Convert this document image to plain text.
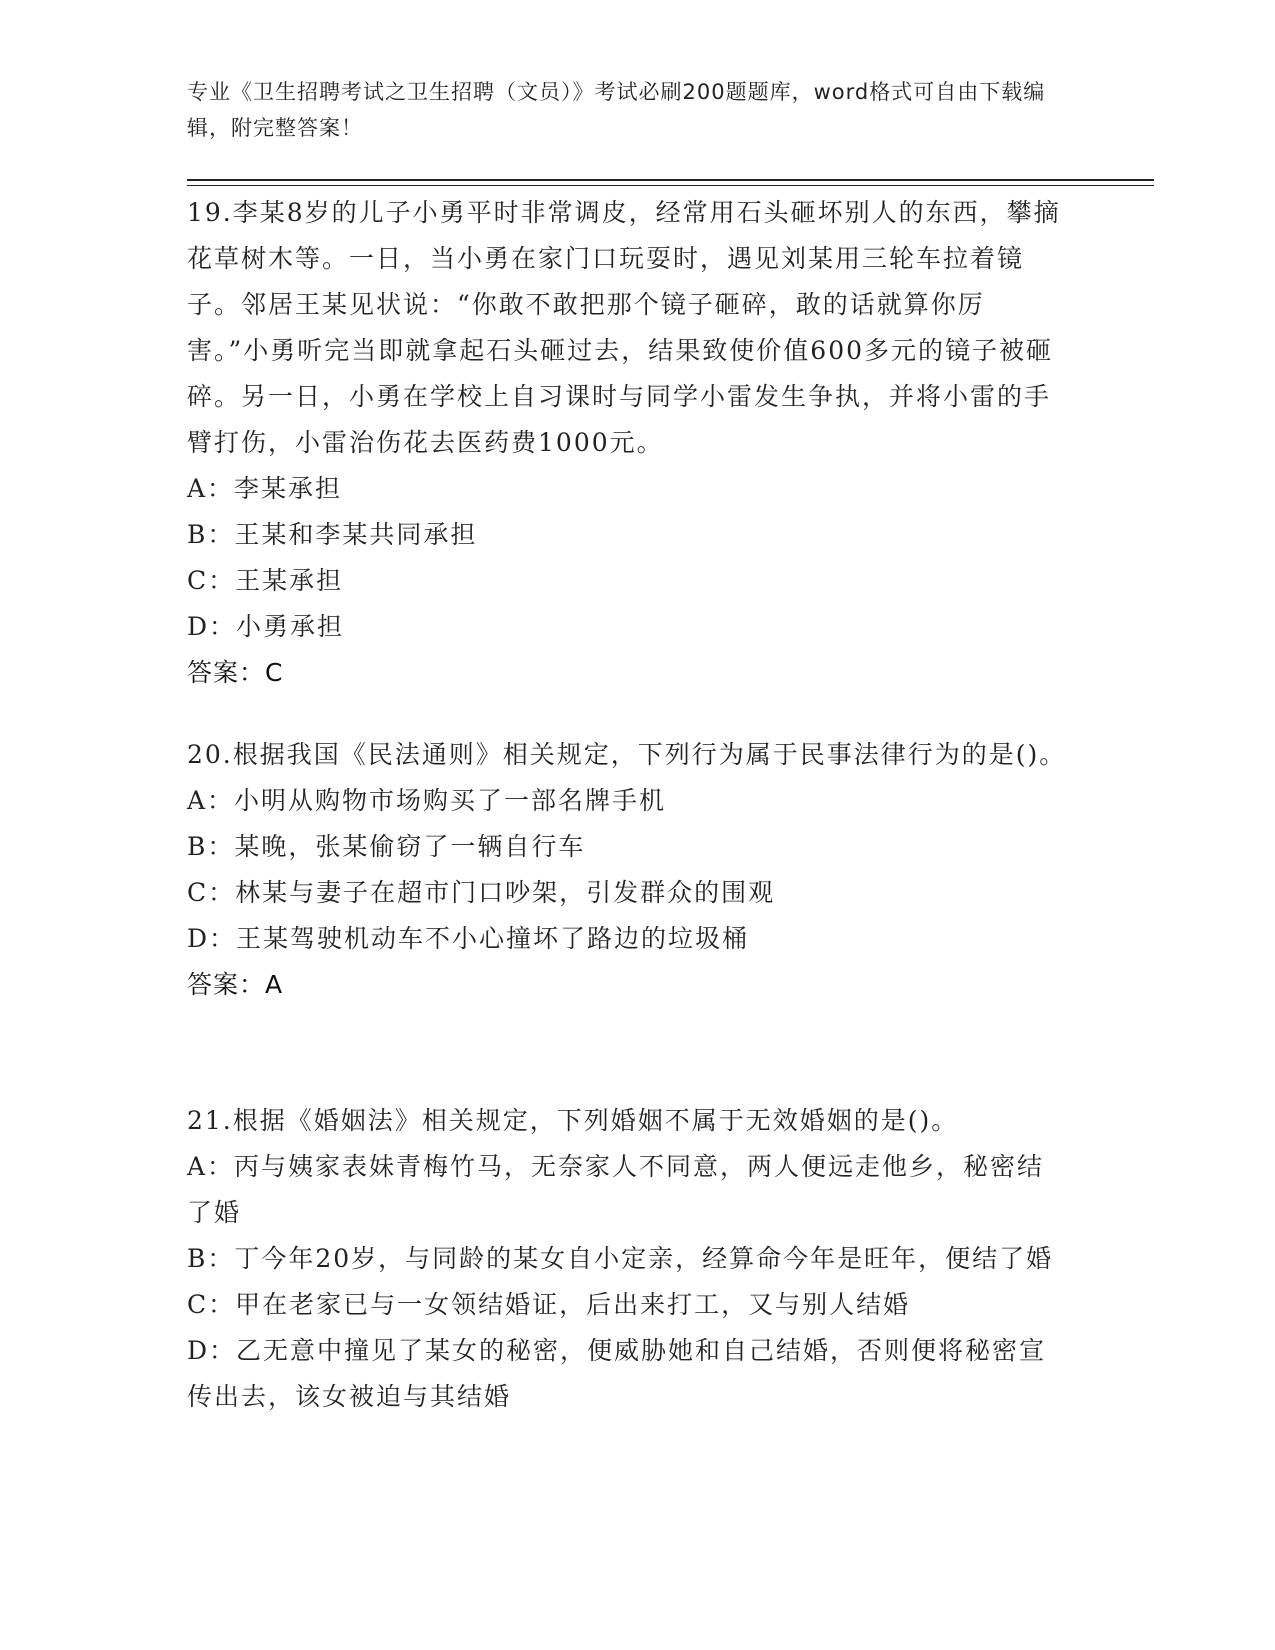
专业《卫生招聘考试之卫生招聘（文员）》考试必刷200题题库，word格式可自由下载编辑，附完整答案！
19.李某8岁的儿子小勇平时非常调皮，经常用石头砸坏别人的东西，攀摘花草树木等。一日，当小勇在家门口玩耍时，遇见刘某用三轮车拉着镜子。邻居王某见状说：“你敢不敢把那个镜子砸碎，敢的话就算你厉害。”小勇听完当即就拿起石头砸过去，结果致使价值600多元的镜子被砸碎。另一日，小勇在学校上自习课时与同学小雷发生争执，并将小雷的手臂打伤，小雷治伤花去医药费1000元。
A：李某承担
B：王某和李某共同承担
C：王某承担
D：小勇承担
答案：C
20.根据我国《民法通则》相关规定，下列行为属于民事法律行为的是()。
A：小明从购物市场购买了一部名牌手机
B：某晚，张某偷窃了一辆自行车
C：林某与妻子在超市门口吵架，引发群众的围观
D：王某驾驶机动车不小心撞坏了路边的垃圾桶
答案：A
21.根据《婚姻法》相关规定，下列婚姻不属于无效婚姻的是()。
A：丙与姨家表妹青梅竹马，无奈家人不同意，两人便远走他乡，秘密结了婚
B：丁今年20岁，与同龄的某女自小定亲，经算命今年是旺年，便结了婚
C：甲在老家已与一女领结婚证，后出来打工，又与别人结婚
D：乙无意中撞见了某女的秘密，便威胁她和自己结婚，否则便将秘密宣传出去，该女被迫与其结婚
